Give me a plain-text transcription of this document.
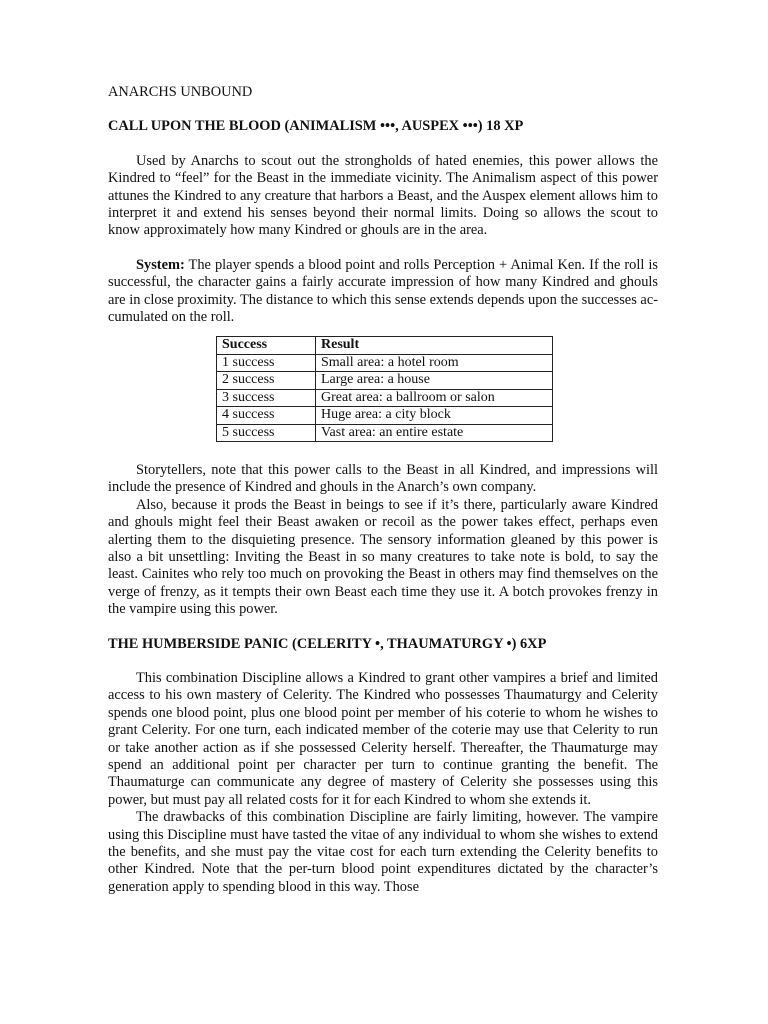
ANARCHS UNBOUND
CALL UPON THE BLOOD (ANIMALISM •••, AUSPEX •••) 18 XP

Used by Anarchs to scout out the strongholds of hated enemies, this power allows the Kindred to “feel” for the Beast in the immediate vicinity. The Animalism aspect of this power attunes the Kindred to any creature that harbors a Beast, and the Auspex element allows him to interpret it and extend his senses beyond their normal limits. Doing so allows the scout to know approximately how many Kindred or ghouls are in the area.

System: The player spends a blood point and rolls Perception + Animal Ken. If the roll is successful, the character gains a fairly accurate impression of how many Kindred and ghouls are in close proximity. The distance to which this sense extends depends upon the successes ac-cumulated on the roll.

Success	Result
1 success	Small area: a hotel room
2 success	Large area: a house
3 success	Great area: a ballroom or salon
4 success	Huge area: a city block
5 success	Vast area: an entire estate

Storytellers, note that this power calls to the Beast in all Kindred, and impressions will include the presence of Kindred and ghouls in the Anarch’s own company.

Also, because it prods the Beast in beings to see if it’s there, particularly aware Kindred and ghouls might feel their Beast awaken or recoil as the power takes effect, perhaps even alerting them to the disquieting presence. The sensory information gleaned by this power is also a bit unsettling: Inviting the Beast in so many creatures to take note is bold, to say the least. Cainites who rely too much on provoking the Beast in others may find themselves on the verge of frenzy, as it tempts their own Beast each time they use it. A botch provokes frenzy in the vampire using this power.

THE HUMBERSIDE PANIC (CELERITY •, THAUMATURGY •) 6XP

This combination Discipline allows a Kindred to grant other vampires a brief and limited access to his own mastery of Celerity. The Kindred who possesses Thaumaturgy and Celerity spends one blood point, plus one blood point per member of his coterie to whom he wishes to grant Celerity. For one turn, each indicated member of the coterie may use that Celerity to run or take another action as if she possessed Celerity herself. Thereafter, the Thaumaturge may spend an additional point per character per turn to continue granting the benefit. The Thaumaturge can communicate any degree of mastery of Celerity she possesses using this power, but must pay all related costs for it for each Kindred to whom she extends it.

The drawbacks of this combination Discipline are fairly limiting, however. The vampire using this Discipline must have tasted the vitae of any individual to whom she wishes to extend the benefits, and she must pay the vitae cost for each turn extending the Celerity benefits to other Kindred. Note that the per-turn blood point expenditures dictated by the character’s generation apply to spending blood in this way. Those
